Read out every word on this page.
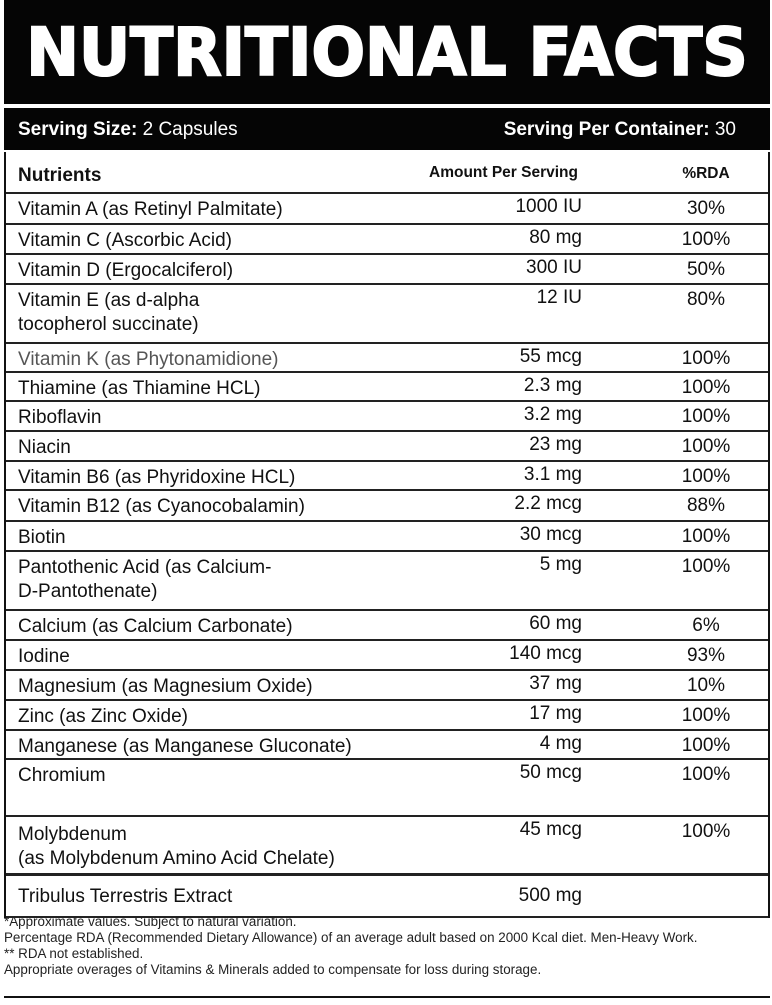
NUTRITIONAL FACTS
Serving Size: 2 Capsules	Serving Per Container: 30
Nutrients	Amount Per Serving	%RDA
Vitamin A (as Retinyl Palmitate)	1000 IU	30%
Vitamin C (Ascorbic Acid)	80 mg	100%
Vitamin D (Ergocalciferol)	300 IU	50%
Vitamin E (as d-alpha
tocopherol succinate)
12 IU	80%
Vitamin K (as Phytonamidione)	55 mcg	100%
Thiamine (as Thiamine HCL)	2.3 mg	100%
Riboflavin	3.2 mg	100%
Niacin	23 mg	100%
Vitamin B6 (as Phyridoxine HCL)	3.1 mg	100%
Vitamin B12 (as Cyanocobalamin)	2.2 mcg	88%
Biotin	30 mcg	100%
Pantothenic Acid (as Calcium-
D-Pantothenate)
5 mg	100%
Calcium (as Calcium Carbonate)	60 mg	6%
Iodine	140 mcg	93%
Magnesium (as Magnesium Oxide)	37 mg	10%
Zinc (as Zinc Oxide)	17 mg	100%
Manganese (as Manganese Gluconate)	4 mg	100%
Chromium	50 mcg	100%
Molybdenum
(as Molybdenum Amino Acid Chelate)
45 mcg	100%
Tribulus Terrestris Extract	500 mg
*Approximate values. Subject to natural variation.
Percentage RDA (Recommended Dietary Allowance) of an average adult based on 2000 Kcal diet. Men-Heavy Work.
** RDA not established.
Appropriate overages of Vitamins & Minerals added to compensate for loss during storage.
